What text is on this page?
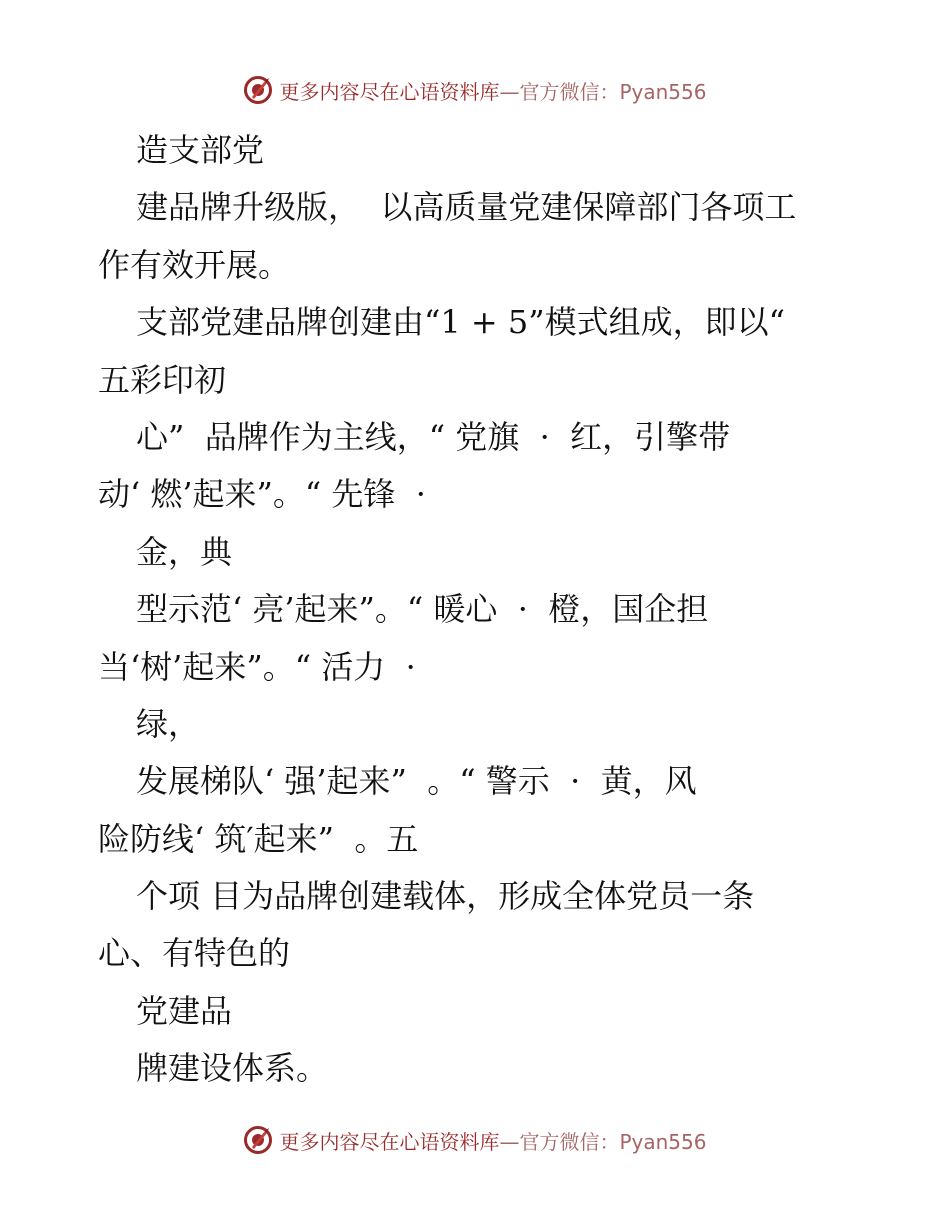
更多内容尽在心语资料库—官方微信：Pyan556
造支部党
建品牌升级版，  以高质量党建保障部门各项工
作有效开展。
支部党建品牌创建由“1 + 5”模式组成，即以“
五彩印初
心”  品牌作为主线，“ 党旗  ·  红，引擎带
动‘ 燃’起来”。“ 先锋  ·
金，典
型示范‘ 亮’起来”。“ 暖心  ·  橙，国企担
当‘树’起来”。“ 活力  ·
绿，
发展梯队‘ 强’起来”  。“ 警示  ·  黄，风
险防线‘ 筑′起来”  。五
个项 目为品牌创建载体，形成全体党员一条
心、有特色的
党建品
牌建设体系。
更多内容尽在心语资料库—官方微信：Pyan556
